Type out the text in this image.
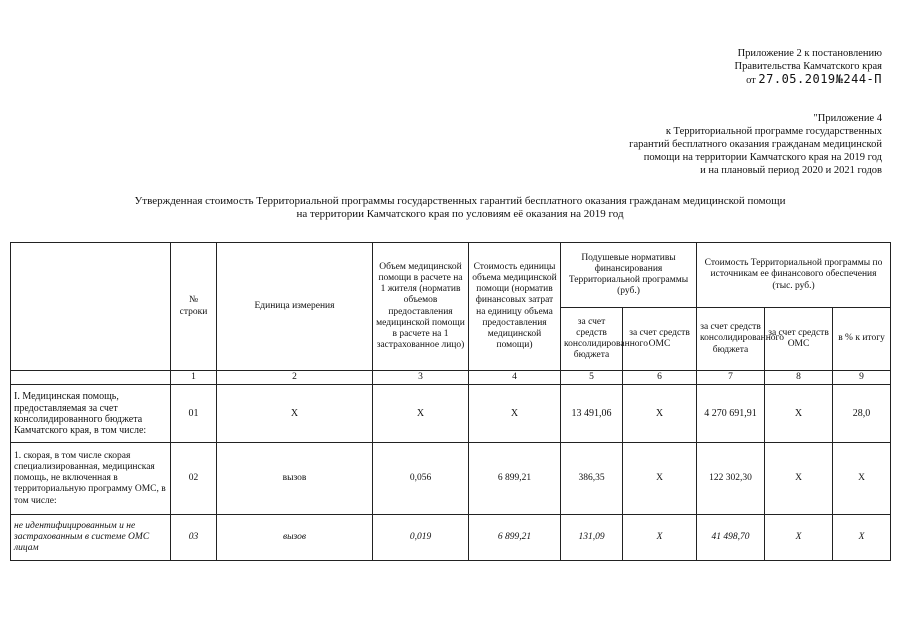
Приложение 2 к постановлению
Правительства Камчатского края
от 27.05.2019№244-П
"Приложение 4
к Территориальной программе государственных
гарантий бесплатного оказания гражданам медицинской
помощи на территории Камчатского края на 2019 год
и на плановый период 2020 и 2021 годов
Утвержденная стоимость Территориальной программы государственных гарантий бесплатного оказания гражданам медицинской помощи
на территории Камчатского края по условиям её оказания на 2019 год
	№ строки	Единица измерения	Объем медицинской помощи в расчете на 1 жителя (норматив объемов предоставления медицинской помощи в расчете на 1 застрахованное лицо)	Стоимость единицы объема медицинской помощи (норматив финансовых затрат на единицу объема предоставления медицинской помощи)	Подушевые нормативы финансирования Территориальной программы (руб.)		Стоимость Территориальной программы по источникам ее финансового обеспечения (тыс. руб.)		
					за счет средств консолидированного бюджета	за счет средств ОМС	за счет средств консолидированного бюджета	за счет средств ОМС	в % к итогу
	1	2	3	4	5	6	7	8	9
I. Медицинская помощь, предоставляемая за счет консолидированного бюджета Камчатского края, в том числе:	01	X	X	X	13 491,06	X	4 270 691,91	X	28,0
1. скорая, в том числе скорая специализированная, медицинская помощь, не включенная в территориальную программу ОМС, в том числе:	02	вызов	0,056	6 899,21	386,35	X	122 302,30	X	X
не идентифицированным и не застрахованным в системе ОМС лицам	03	вызов	0,019	6 899,21	131,09	X	41 498,70	X	X
